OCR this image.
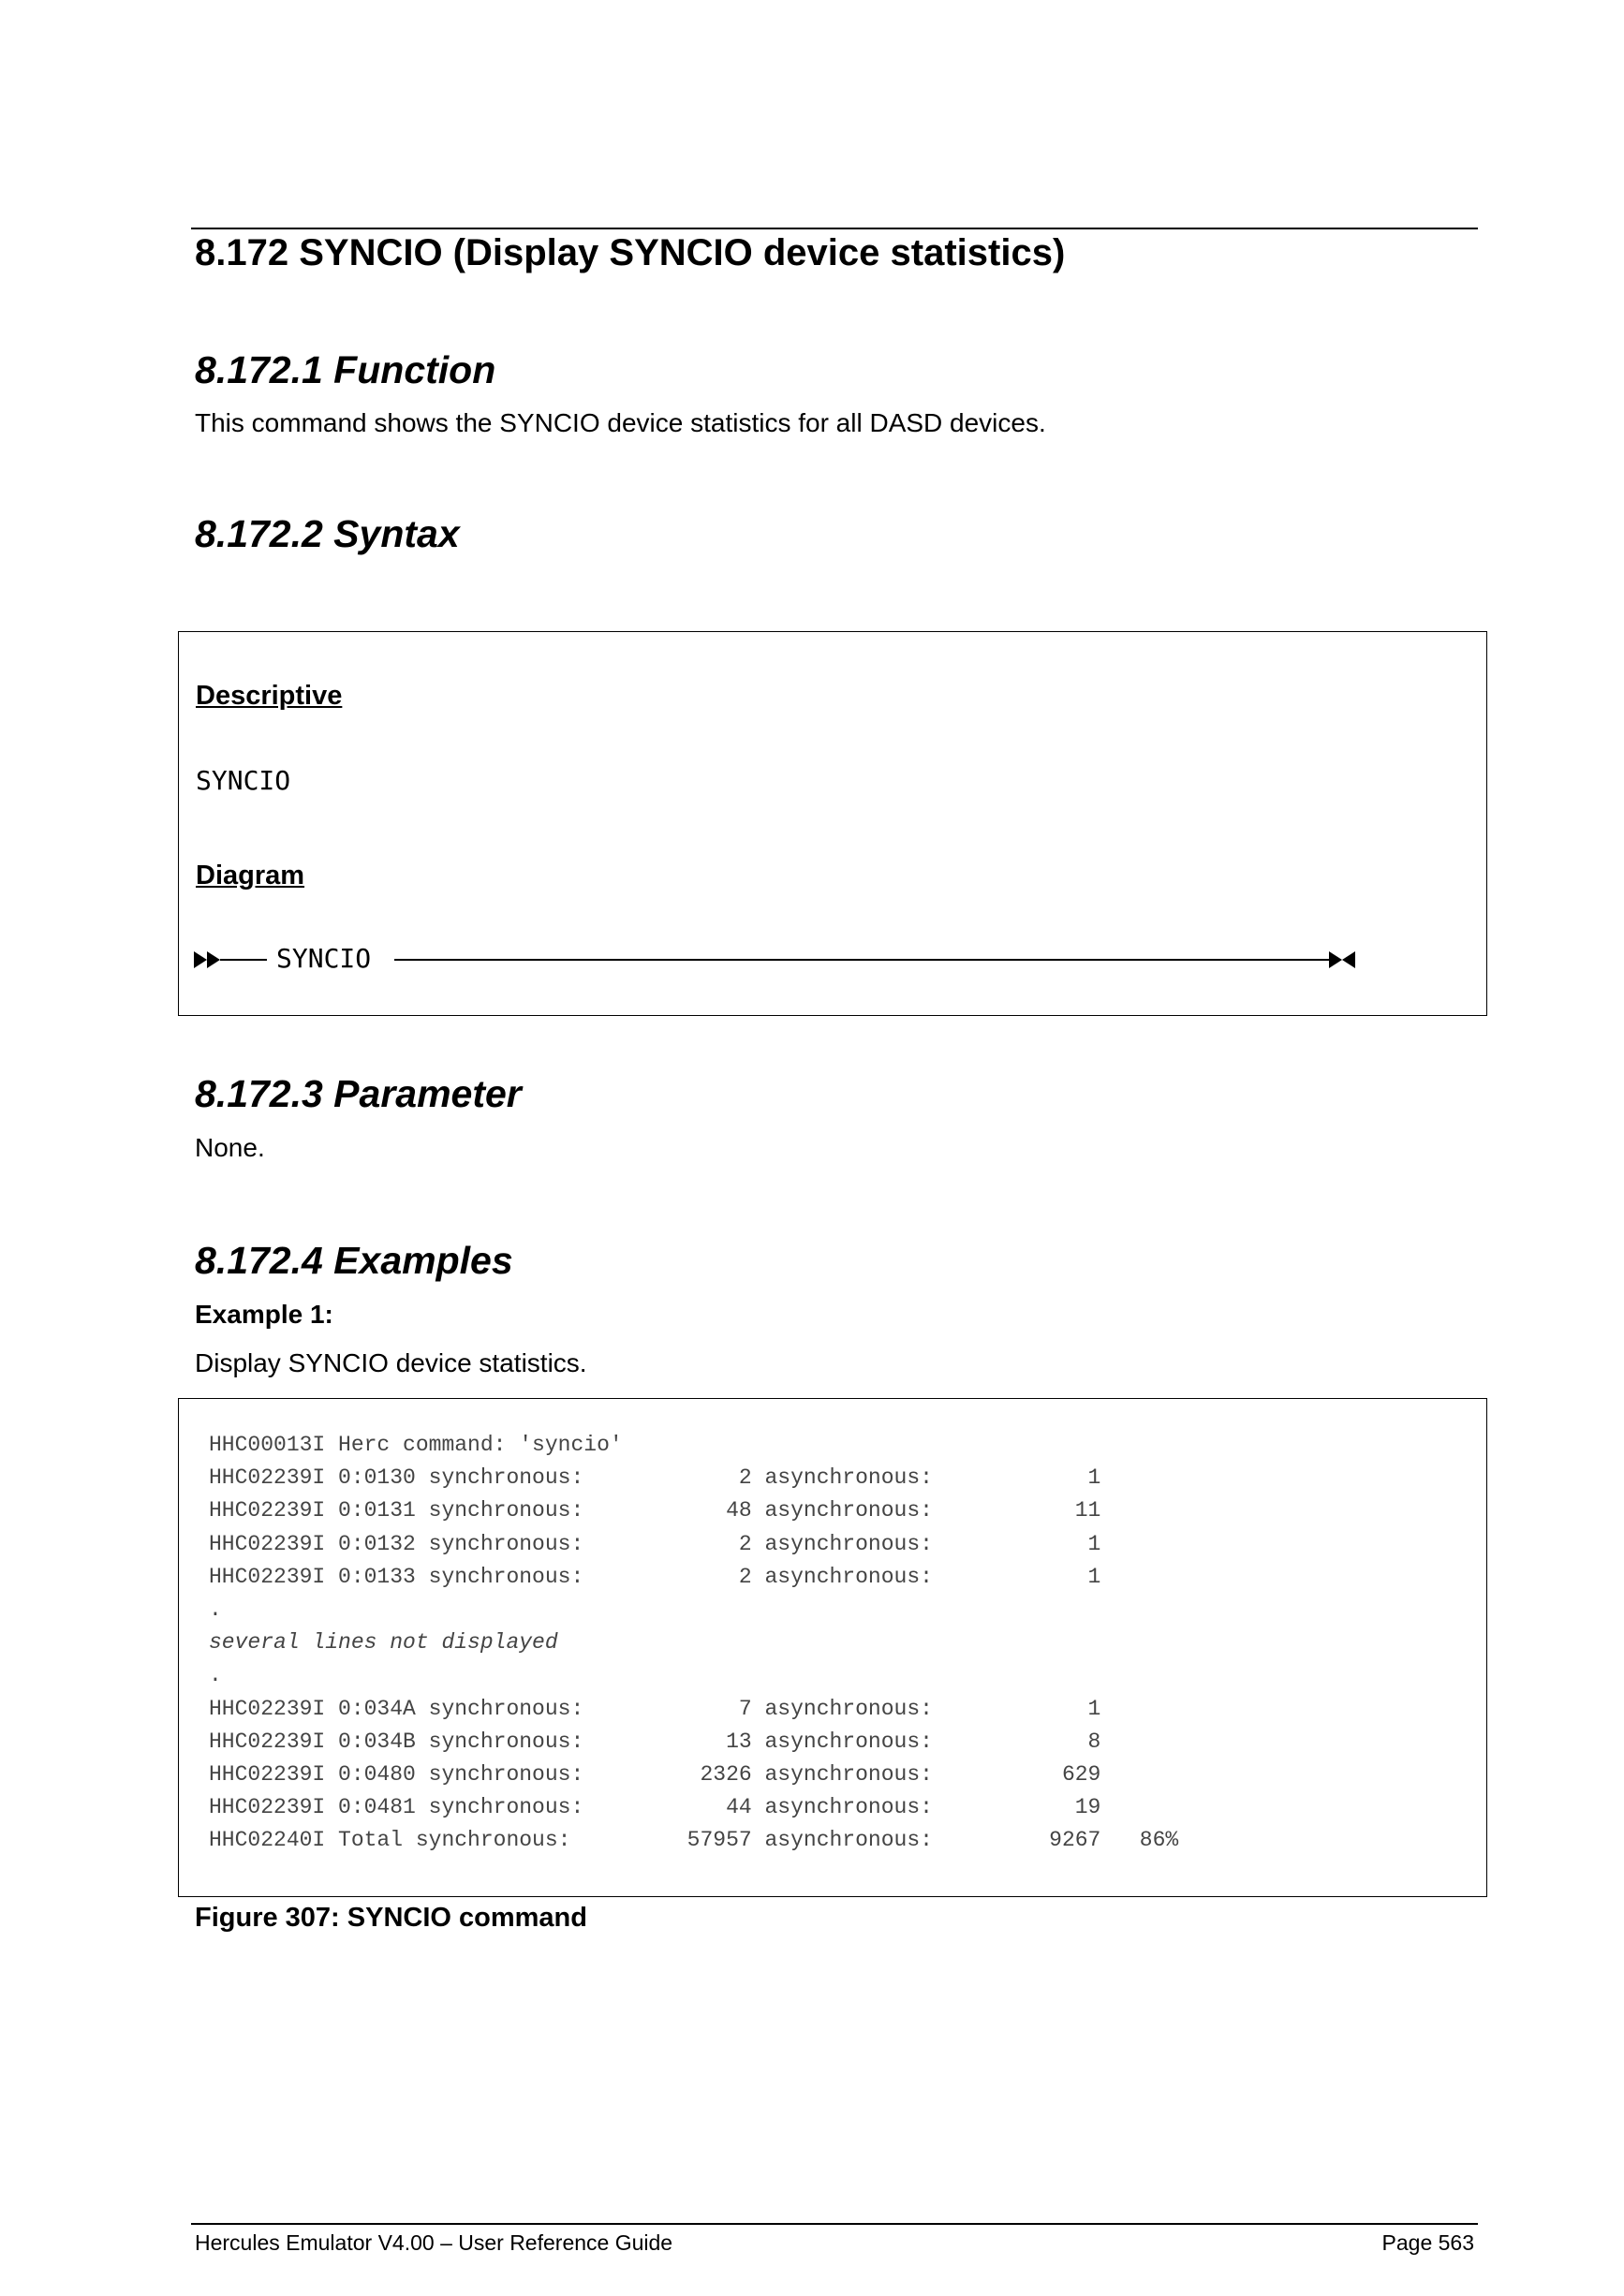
8.172 SYNCIO (Display SYNCIO device statistics)
8.172.1 Function

This command shows the SYNCIO device statistics for all DASD devices.

8.172.2 Syntax

Descriptive

SYNCIO

Diagram

SYNCIO
8.172.3 Parameter

None.

8.172.4 Examples

Example 1:

Display SYNCIO device statistics.

HHC00013I Herc command: 'syncio'
HHC02239I 0:0130 synchronous:            2 asynchronous:            1
HHC02239I 0:0131 synchronous:           48 asynchronous:           11
HHC02239I 0:0132 synchronous:            2 asynchronous:            1
HHC02239I 0:0133 synchronous:            2 asynchronous:            1
.
several lines not displayed
.
HHC02239I 0:034A synchronous:            7 asynchronous:            1
HHC02239I 0:034B synchronous:           13 asynchronous:            8
HHC02239I 0:0480 synchronous:         2326 asynchronous:          629
HHC02239I 0:0481 synchronous:           44 asynchronous:           19
HHC02240I Total synchronous:         57957 asynchronous:         9267   86%

Figure 307: SYNCIO command

Hercules Emulator V4.00 – User Reference Guide	Page 563
